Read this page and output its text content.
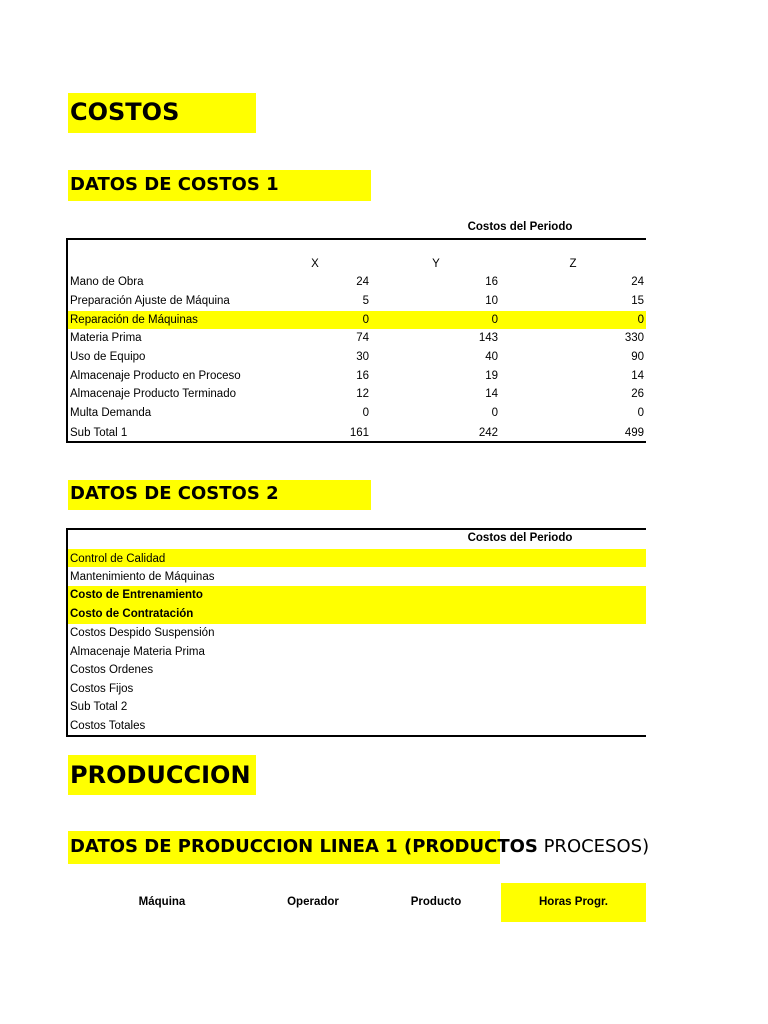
COSTOS
DATOS DE COSTOS 1
Costos del Periodo
X	Y	Z
Mano de Obra	24	16	24
Preparación Ajuste de Máquina	5	10	15
Reparación de Máquinas	0	0	0
Materia Prima	74	143	330
Uso de Equipo	30	40	90
Almacenaje Producto en Proceso	16	19	14
Almacenaje Producto Terminado	12	14	26
Multa Demanda	0	0	0
Sub Total 1	161	242	499
DATOS DE COSTOS 2
Costos del Periodo
Control de Calidad
Mantenimiento de Máquinas
Costo de Entrenamiento
Costo de Contratación
Costos Despido Suspensión
Almacenaje Materia Prima
Costos Ordenes
Costos Fijos
Sub Total 2
Costos Totales
PRODUCCION
DATOS DE PRODUCCION LINEA 1 (PRODUCTOS PROCESOS)
Máquina	Operador	Producto	Horas Progr.
